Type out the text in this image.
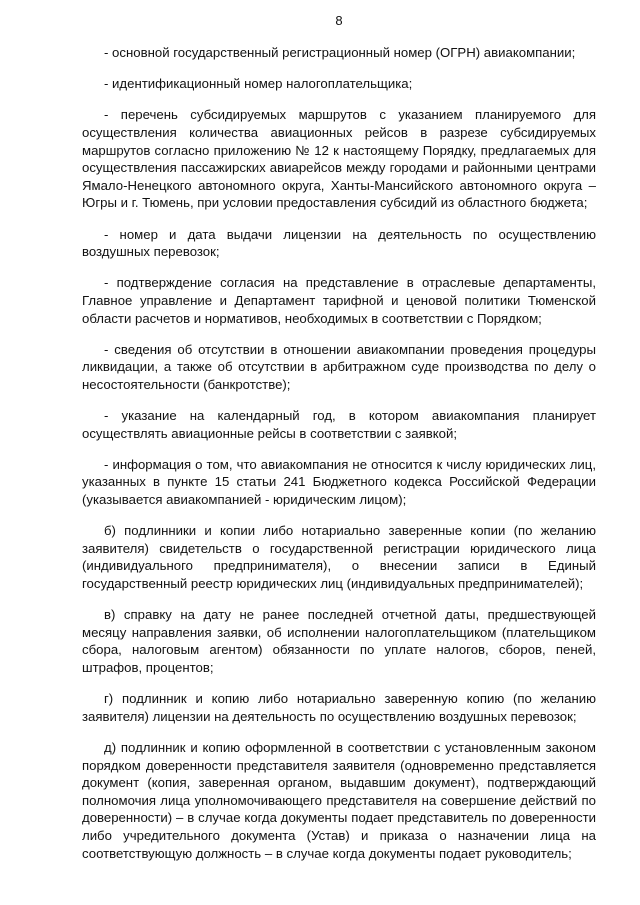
8

- основной государственный регистрационный номер (ОГРН) авиакомпании;

- идентификационный номер налогоплательщика;

- перечень субсидируемых маршрутов с указанием планируемого для осуществления количества авиационных рейсов в разрезе субсидируемых маршрутов согласно приложению № 12 к настоящему Порядку, предлагаемых для осуществления пассажирских авиарейсов между городами и районными центрами Ямало-Ненецкого автономного округа, Ханты-Мансийского автономного округа – Югры и г. Тюмень, при условии предоставления субсидий из областного бюджета;

- номер и дата выдачи лицензии на деятельность по осуществлению воздушных перевозок;

- подтверждение согласия на представление в отраслевые департаменты, Главное управление и Департамент тарифной и ценовой политики Тюменской области расчетов и нормативов, необходимых в соответствии с Порядком;

- сведения об отсутствии в отношении авиакомпании проведения процедуры ликвидации, а также об отсутствии в арбитражном суде производства по делу о несостоятельности (банкротстве);

- указание на календарный год, в котором авиакомпания планирует осуществлять авиационные рейсы в соответствии с заявкой;

- информация о том, что авиакомпания не относится к числу юридических лиц, указанных в пункте 15 статьи 241 Бюджетного кодекса Российской Федерации (указывается авиакомпанией - юридическим лицом);

б) подлинники и копии либо нотариально заверенные копии (по желанию заявителя) свидетельств о государственной регистрации юридического лица (индивидуального предпринимателя), о внесении записи в Единый государственный реестр юридических лиц (индивидуальных предпринимателей);

в) справку на дату не ранее последней отчетной даты, предшествующей месяцу направления заявки, об исполнении налогоплательщиком (плательщиком сбора, налоговым агентом) обязанности по уплате налогов, сборов, пеней, штрафов, процентов;

г) подлинник и копию либо нотариально заверенную копию (по желанию заявителя) лицензии на деятельность по осуществлению воздушных перевозок;

д) подлинник и копию оформленной в соответствии с установленным законом порядком доверенности представителя заявителя (одновременно представляется документ (копия, заверенная органом, выдавшим документ), подтверждающий полномочия лица уполномочивающего представителя на совершение действий по доверенности) – в случае когда документы подает представитель по доверенности либо учредительного документа (Устав) и приказа о назначении лица на соответствующую должность – в случае когда документы подает руководитель;
